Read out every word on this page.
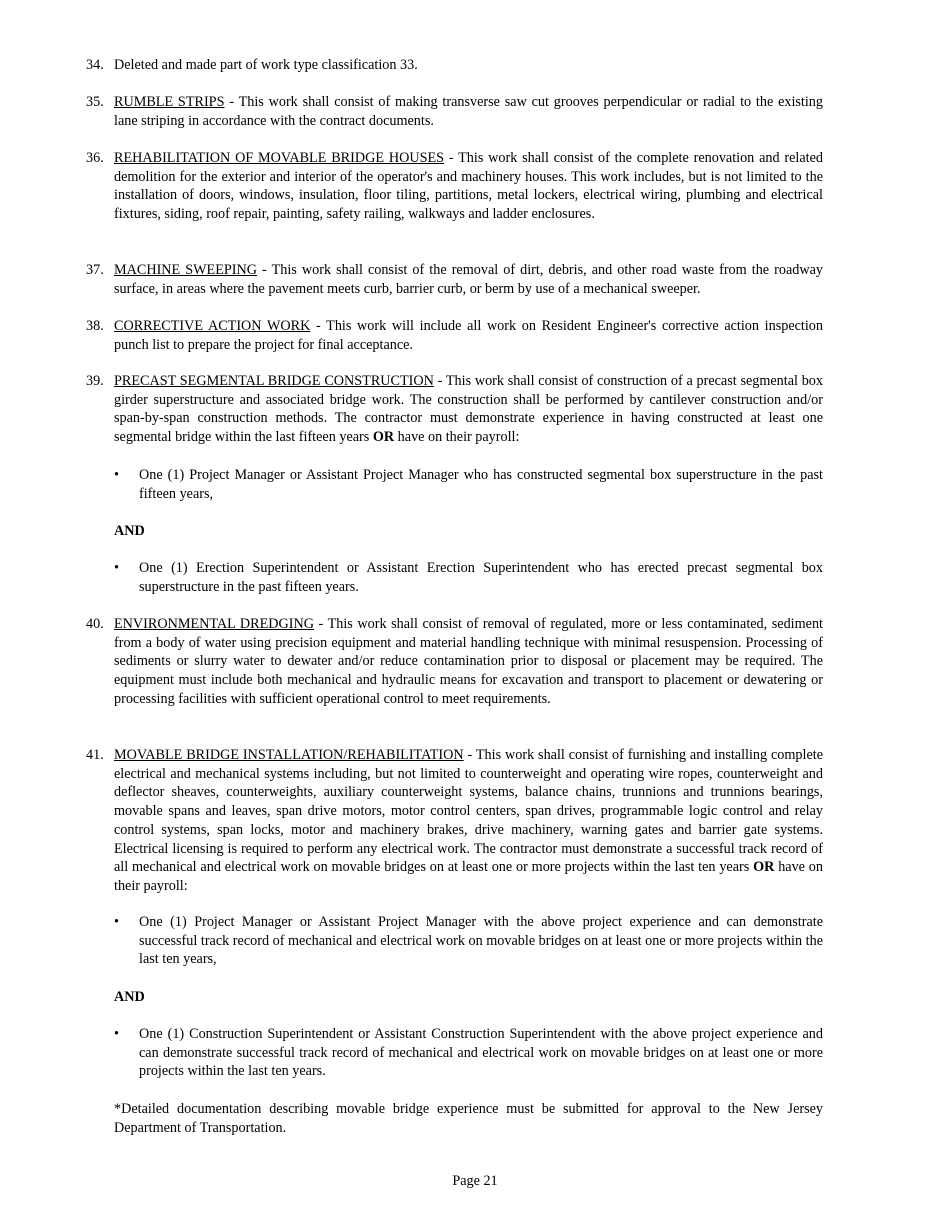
34. Deleted and made part of work type classification 33.

35. RUMBLE STRIPS - This work shall consist of making transverse saw cut grooves perpendicular or radial to the existing lane striping in accordance with the contract documents.

36. REHABILITATION OF MOVABLE BRIDGE HOUSES - This work shall consist of the complete renovation and related demolition for the exterior and interior of the operator's and machinery houses. This work includes, but is not limited to the installation of doors, windows, insulation, floor tiling, partitions, metal lockers, electrical wiring, plumbing and electrical fixtures, siding, roof repair, painting, safety railing, walkways and ladder enclosures.

37. MACHINE SWEEPING - This work shall consist of the removal of dirt, debris, and other road waste from the roadway surface, in areas where the pavement meets curb, barrier curb, or berm by use of a mechanical sweeper.

38. CORRECTIVE ACTION WORK - This work will include all work on Resident Engineer's corrective action inspection punch list to prepare the project for final acceptance.

39. PRECAST SEGMENTAL BRIDGE CONSTRUCTION - This work shall consist of construction of a precast segmental box girder superstructure and associated bridge work. The construction shall be performed by cantilever construction and/or span-by-span construction methods. The contractor must demonstrate experience in having constructed at least one segmental bridge within the last fifteen years OR have on their payroll:

•	One (1) Project Manager or Assistant Project Manager who has constructed segmental box superstructure in the past fifteen years,
AND
•	One (1) Erection Superintendent or Assistant Erection Superintendent who has erected precast segmental box superstructure in the past fifteen years.
40. ENVIRONMENTAL DREDGING - This work shall consist of removal of regulated, more or less contaminated, sediment from a body of water using precision equipment and material handling technique with minimal resuspension. Processing of sediments or slurry water to dewater and/or reduce contamination prior to disposal or placement may be required. The equipment must include both mechanical and hydraulic means for excavation and transport to placement or dewatering or processing facilities with sufficient operational control to meet requirements.

41. MOVABLE BRIDGE INSTALLATION/REHABILITATION - This work shall consist of furnishing and installing complete electrical and mechanical systems including, but not limited to counterweight and operating wire ropes, counterweight and deflector sheaves, counterweights, auxiliary counterweight systems, balance chains, trunnions and trunnions bearings, movable spans and leaves, span drive motors, motor control centers, span drives, programmable logic control and relay control systems, span locks, motor and machinery brakes, drive machinery, warning gates and barrier gate systems. Electrical licensing is required to perform any electrical work. The contractor must demonstrate a successful track record of all mechanical and electrical work on movable bridges on at least one or more projects within the last ten years OR have on their payroll:

•	One (1) Project Manager or Assistant Project Manager with the above project experience and can demonstrate successful track record of mechanical and electrical work on movable bridges on at least one or more projects within the last ten years,
AND
•	One (1) Construction Superintendent or Assistant Construction Superintendent with the above project experience and can demonstrate successful track record of mechanical and electrical work on movable bridges on at least one or more projects within the last ten years.
*Detailed documentation describing movable bridge experience must be submitted for approval to the New Jersey Department of Transportation.
Page 21
